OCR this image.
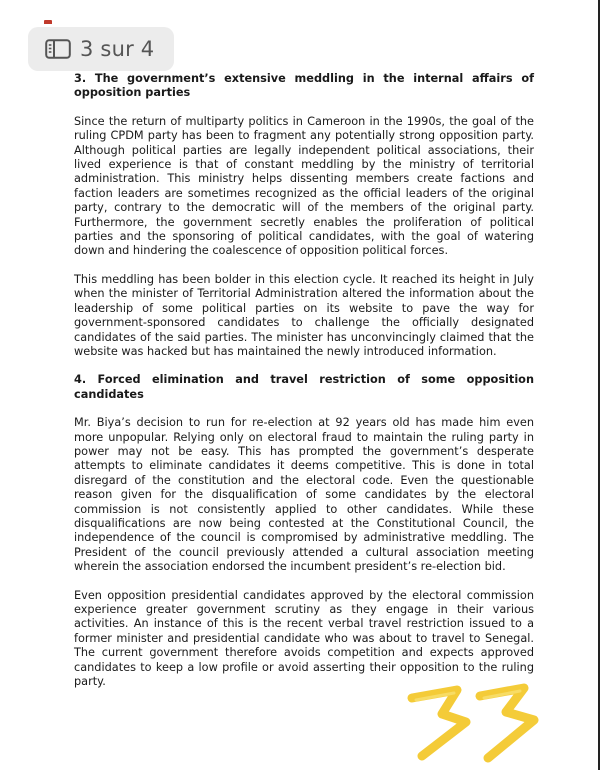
3 sur 4
3. The government’s extensive meddling in the internal affairs of opposition parties

Since the return of multiparty politics in Cameroon in the 1990s, the goal of the ruling CPDM party has been to fragment any potentially strong opposition party. Although political parties are legally independent political associations, their lived experience is that of constant meddling by the ministry of territorial administration. This ministry helps dissenting members create factions and faction leaders are sometimes recognized as the official leaders of the original party, contrary to the democratic will of the members of the original party. Furthermore, the government secretly enables the proliferation of political parties and the sponsoring of political candidates, with the goal of watering down and hindering the coalescence of opposition political forces.

This meddling has been bolder in this election cycle. It reached its height in July when the minister of Territorial Administration altered the information about the leadership of some political parties on its website to pave the way for government-sponsored candidates to challenge the officially designated candidates of the said parties. The minister has unconvincingly claimed that the website was hacked but has maintained the newly introduced information.

4. Forced elimination and travel restriction of some opposition candidates

Mr. Biya’s decision to run for re-election at 92 years old has made him even more unpopular. Relying only on electoral fraud to maintain the ruling party in power may not be easy. This has prompted the government’s desperate attempts to eliminate candidates it deems competitive. This is done in total disregard of the constitution and the electoral code. Even the questionable reason given for the disqualification of some candidates by the electoral commission is not consistently applied to other candidates. While these disqualifications are now being contested at the Constitutional Council, the independence of the council is compromised by administrative meddling. The President of the council previously attended a cultural association meeting wherein the association endorsed the incumbent president’s re-election bid.

Even opposition presidential candidates approved by the electoral commission experience greater government scrutiny as they engage in their various activities. An instance of this is the recent verbal travel restriction issued to a former minister and presidential candidate who was about to travel to Senegal. The current government therefore avoids competition and expects approved candidates to keep a low profile or avoid asserting their opposition to the ruling party.
